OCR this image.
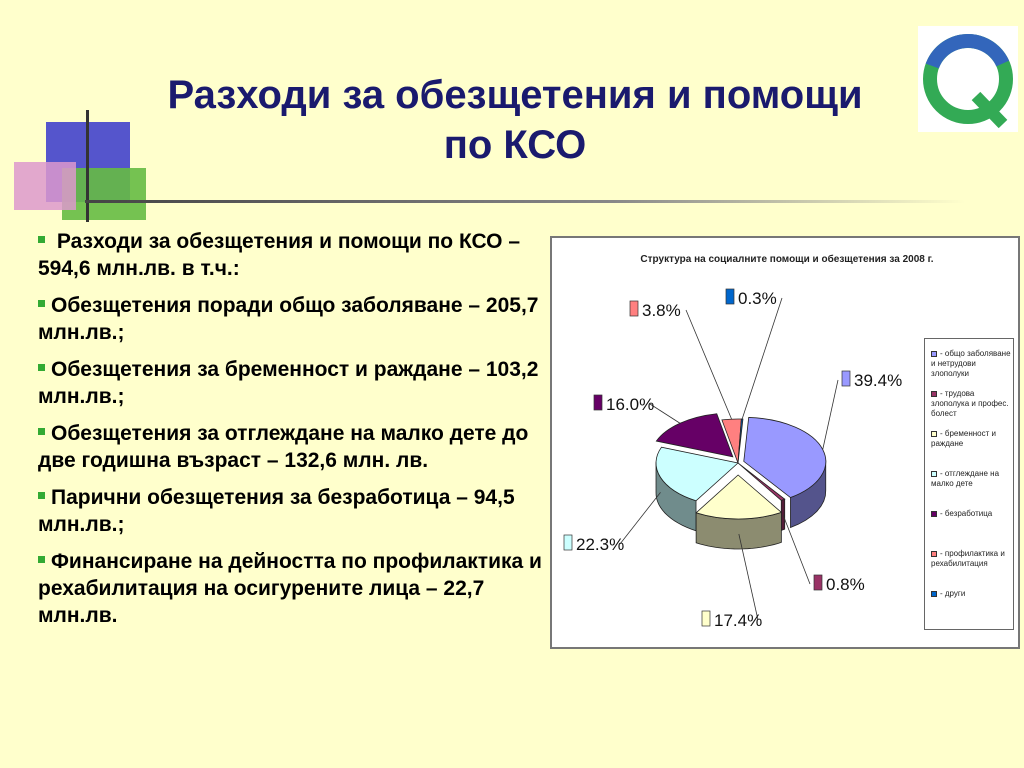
Разходи за обезщетения и помощи по КСО
Разходи за обезщетения и помощи по КСО – 594,6 млн.лв. в т.ч.:
Обезщетения поради общо заболяване – 205,7 млн.лв.;
Обезщетения за бременност и раждане – 103,2 млн.лв.;
Обезщетения за отглеждане на малко дете до две годишна възраст – 132,6 млн. лв.
Парични обезщетения за безработица – 94,5 млн.лв.;
Финансиране на дейността по профилактика и рехабилитация на осигурените лица – 22,7 млн.лв.
Структура на социалните помощи и обезщетения за 2008 г.
39.4%
0.8%
17.4%
22.3%
16.0%
3.8%
0.3%
- общо заболяване и нетрудови злополуки
- трудова злополука и профес. болест
- бременност и раждане
- отглеждане на малко дете
- безработица
- профилактика и рехабилитация
- други
